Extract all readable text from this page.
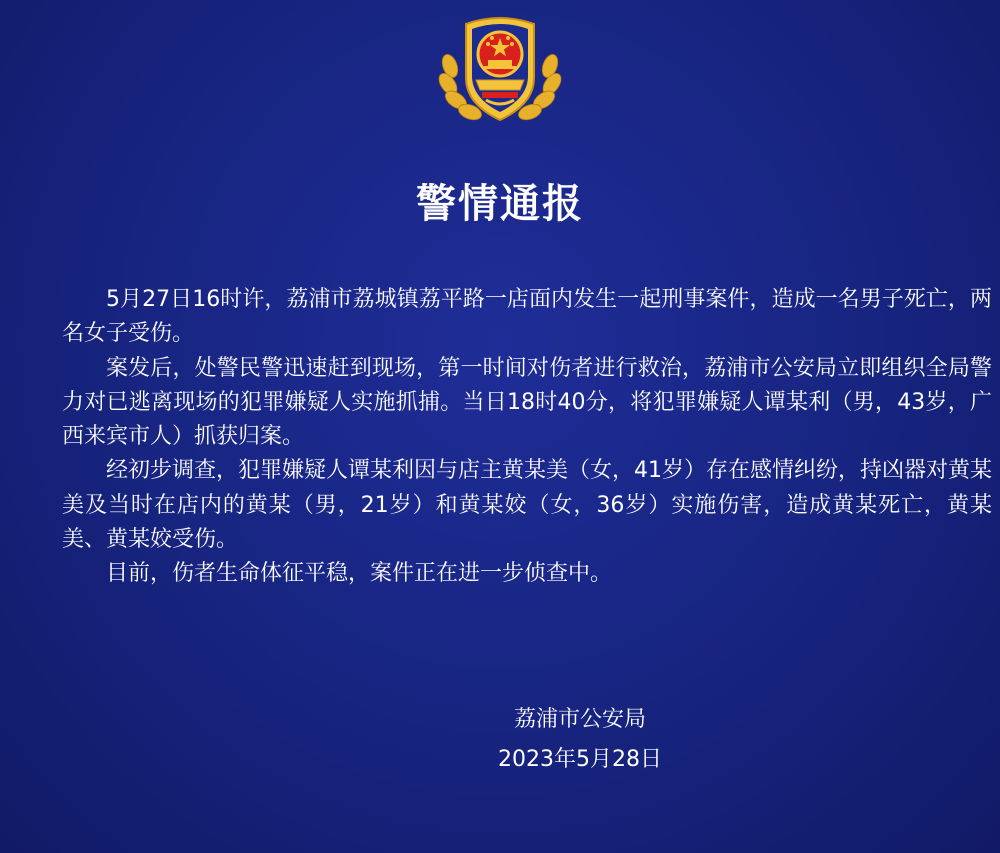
警情通报

5月27日16时许，荔浦市荔城镇荔平路一店面内发生一起刑事案件，造成一名男子死亡，两名女子受伤。

案发后，处警民警迅速赶到现场，第一时间对伤者进行救治，荔浦市公安局立即组织全局警力对已逃离现场的犯罪嫌疑人实施抓捕。当日18时40分，将犯罪嫌疑人谭某利（男，43岁，广西来宾市人）抓获归案。

经初步调查，犯罪嫌疑人谭某利因与店主黄某美（女，41岁）存在感情纠纷，持凶器对黄某美及当时在店内的黄某（男，21岁）和黄某姣（女，36岁）实施伤害，造成黄某死亡，黄某美、黄某姣受伤。

目前，伤者生命体征平稳，案件正在进一步侦查中。

荔浦市公安局
2023年5月28日
